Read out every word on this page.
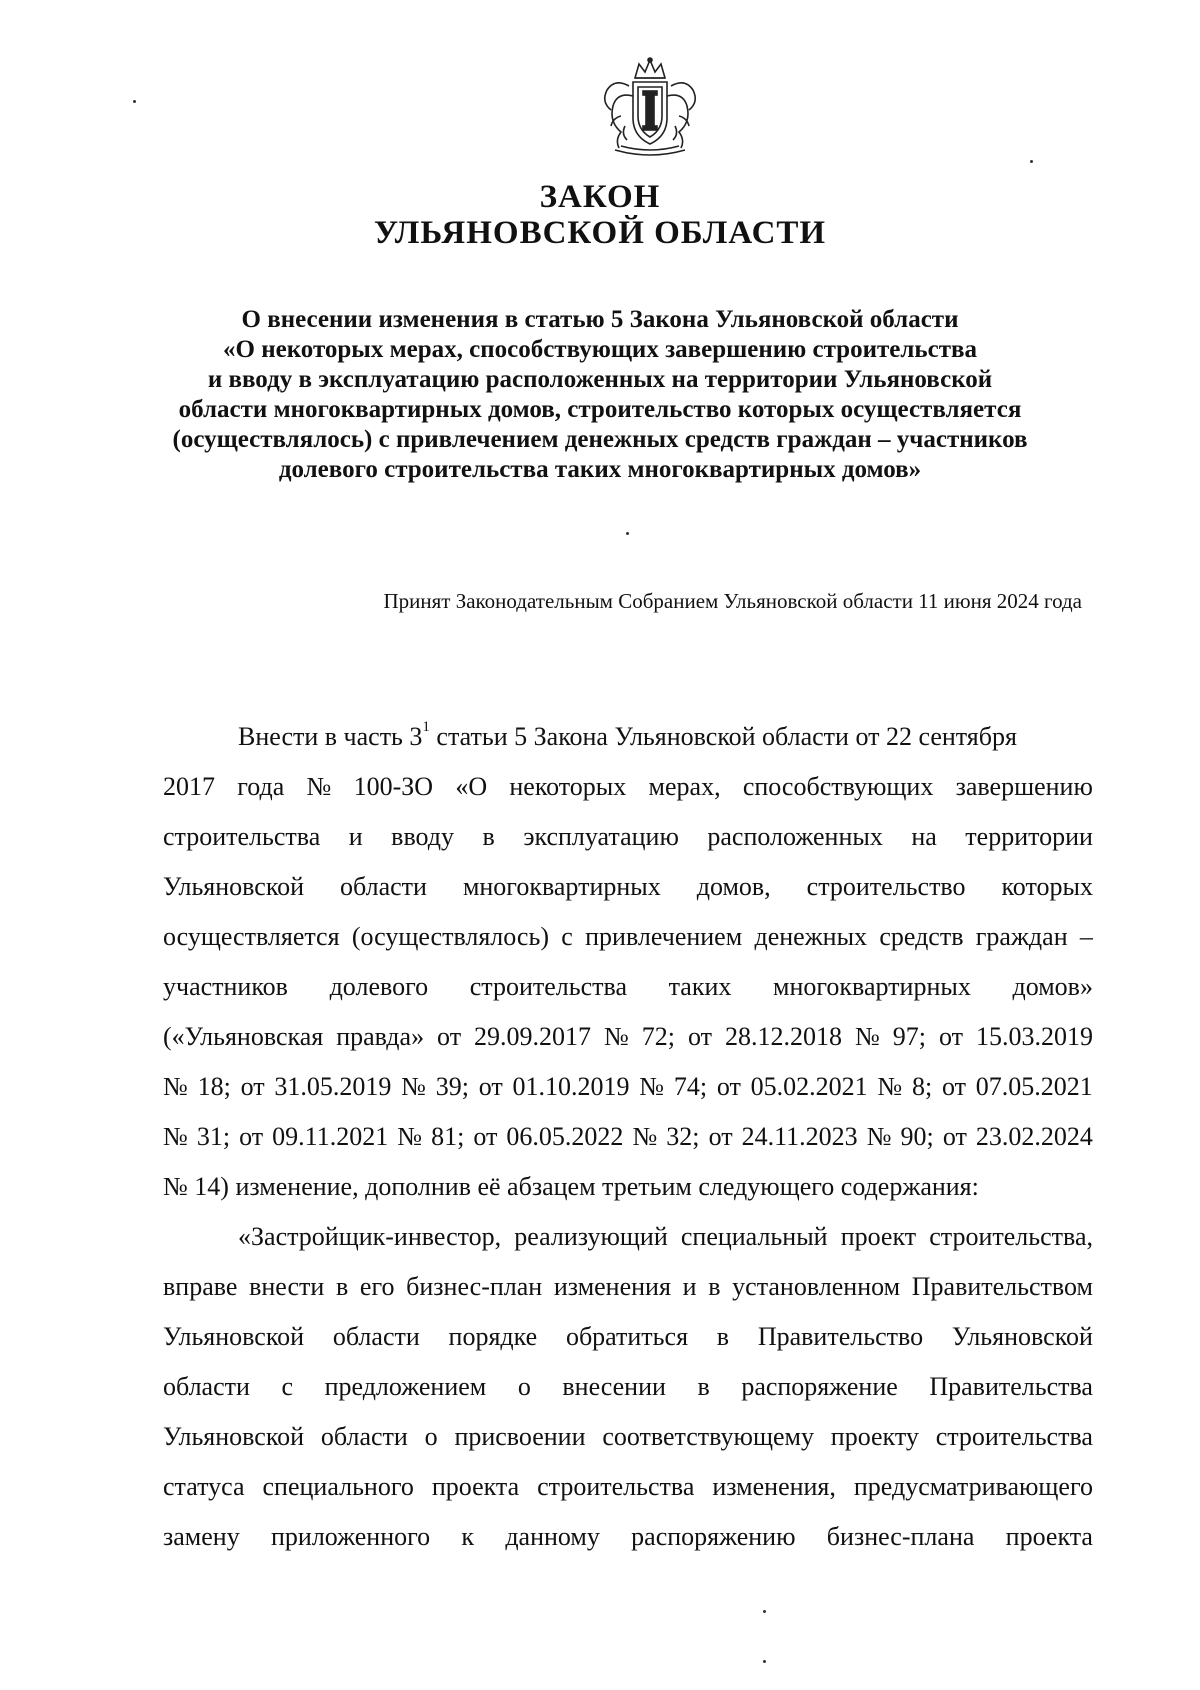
ЗАКОН
УЛЬЯНОВСКОЙ ОБЛАСТИ
О внесении изменения в статью 5 Закона Ульяновской области
«О некоторых мерах, способствующих завершению строительства
и вводу в эксплуатацию расположенных на территории Ульяновской
области многоквартирных домов, строительство которых осуществляется
(осуществлялось) с привлечением денежных средств граждан – участников
долевого строительства таких многоквартирных домов»
Принят Законодательным Собранием Ульяновской области 11 июня 2024 года
Внести в часть $3^1$ статьи 5 Закона Ульяновской области от 22 сентября
2017 года № 100-ЗО «О некоторых мерах, способствующих завершению
строительства и вводу в эксплуатацию расположенных на территории
Ульяновской области многоквартирных домов, строительство которых
осуществляется (осуществлялось) с привлечением денежных средств граждан –
участников долевого строительства таких многоквартирных домов»
(«Ульяновская правда» от 29.09.2017 № 72; от 28.12.2018 № 97; от 15.03.2019
№ 18; от 31.05.2019 № 39; от 01.10.2019 № 74; от 05.02.2021 № 8; от 07.05.2021
№ 31; от 09.11.2021 № 81; от 06.05.2022 № 32; от 24.11.2023 № 90; от 23.02.2024
№ 14) изменение, дополнив её абзацем третьим следующего содержания:
«Застройщик-инвестор, реализующий специальный проект строительства,
вправе внести в его бизнес-план изменения и в установленном Правительством
Ульяновской области порядке обратиться в Правительство Ульяновской
области с предложением о внесении в распоряжение Правительства
Ульяновской области о присвоении соответствующему проекту строительства
статуса специального проекта строительства изменения, предусматривающего
замену приложенного к данному распоряжению бизнес-плана проекта
